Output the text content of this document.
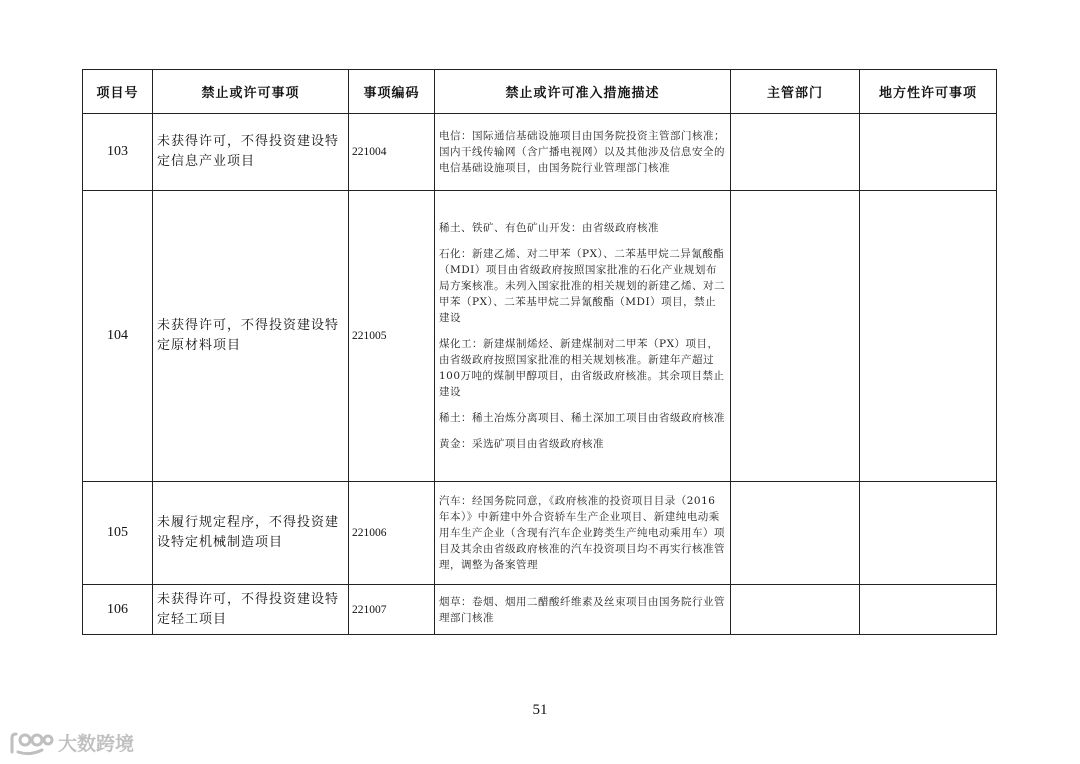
项目号	禁止或许可事项	事项编码	禁止或许可准入措施描述	主管部门	地方性许可事项
103	未获得许可，不得投资建设特定信息产业项目	221004	电信：国际通信基础设施项目由国务院投资主管部门核准；国内干线传输网（含广播电视网）以及其他涉及信息安全的电信基础设施项目，由国务院行业管理部门核准		

104	未获得许可，不得投资建设特定原材料项目	221005	稀土、铁矿、有色矿山开发：由省级政府核准

石化：新建乙烯、对二甲苯（PX）、二苯基甲烷二异氰酸酯（MDI）项目由省级政府按照国家批准的石化产业规划布局方案核准。未列入国家批准的相关规划的新建乙烯、对二甲苯（PX）、二苯基甲烷二异氰酸酯（MDI）项目，禁止建设

煤化工：新建煤制烯烃、新建煤制对二甲苯（PX）项目，由省级政府按照国家批准的相关规划核准。新建年产超过100万吨的煤制甲醇项目，由省级政府核准。其余项目禁止建设

稀土：稀土冶炼分离项目、稀土深加工项目由省级政府核准

黄金：采选矿项目由省级政府核准		

105	未履行规定程序，不得投资建设特定机械制造项目	221006	汽车：经国务院同意，《政府核准的投资项目目录（2016年本）》中新建中外合资轿车生产企业项目、新建纯电动乘用车生产企业（含现有汽车企业跨类生产纯电动乘用车）项目及其余由省级政府核准的汽车投资项目均不再实行核准管理，调整为备案管理		

106	未获得许可，不得投资建设特定轻工项目	221007	烟草：卷烟、烟用二醋酸纤维素及丝束项目由国务院行业管理部门核准		

51
大数跨境
